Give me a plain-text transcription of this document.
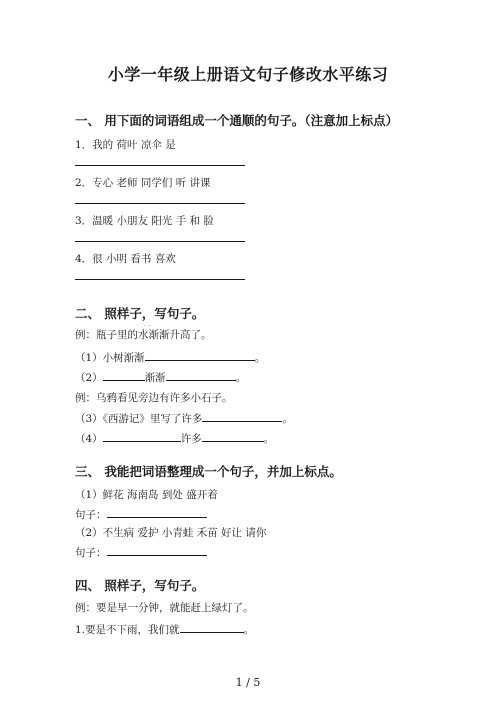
小学一年级上册语文句子修改水平练习
一、 用下面的词语组成一个通顺的句子。（注意加上标点）
1．我的 荷叶 凉伞 是
2．专心 老师 同学们 听 讲课
3．温暖 小朋友 阳光 手 和 脸
4．很 小明 看书 喜欢
二、 照样子，写句子。
例：瓶子里的水渐渐升高了。
··
（1）小树渐渐	。
（2）	渐渐	。
例：乌鸦看见旁边有许多小石子。
（3）《西游记》里写了许多	。
（4）	许多	。
三、 我能把词语整理成一个句子，并加上标点。
（1）鲜花 海南岛 到处 盛开着
句子：
（2）不生病 爱护 小青蛙 禾苗 好让 请你
句子：
四、 照样子，写句子。
例：要是早一分钟，就能赶上绿灯了。
1.要是不下雨，我们就	。
1 / 5
